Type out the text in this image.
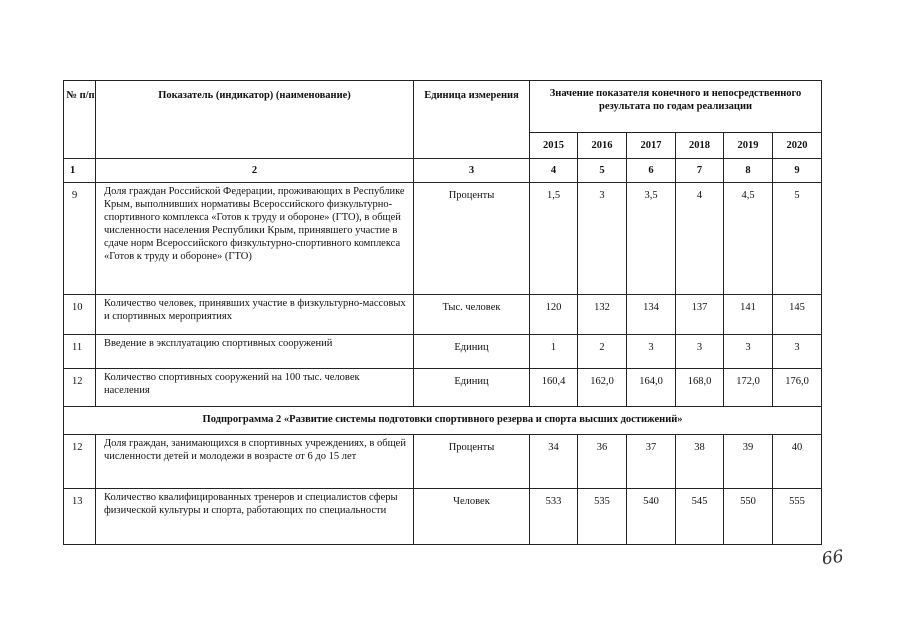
№ п/п	Показатель (индикатор) (наименование)	Единица измерения	Значение показателя конечного и непосредственного результата по годам реализации					
			2015	2016	2017	2018	2019	2020
1	2	3	4	5	6	7	8	9
9	Доля граждан Российской Федерации, проживающих в Республике Крым, выполнивших нормативы Всероссийского физкультурно-спортивного комплекса «Готов к труду и обороне» (ГТО), в общей численности населения Республики Крым, принявшего участие в сдаче норм Всероссийского физкультурно-спортивного комплекса «Готов к труду и обороне» (ГТО)	Проценты	1,5	3	3,5	4	4,5	5
10	Количество человек, принявших участие в физкультурно-массовых и спортивных мероприятиях	Тыс. человек	120	132	134	137	141	145
11	Введение в эксплуатацию спортивных сооружений	Единиц	1	2	3	3	3	3
12	Количество спортивных сооружений на 100 тыс. человек населения	Единиц	160,4	162,0	164,0	168,0	172,0	176,0
Подпрограмма 2 «Развитие системы подготовки спортивного резерва и спорта высших достижений»								
12	Доля граждан, занимающихся в спортивных учреждениях, в общей численности детей и молодежи в возрасте от 6 до 15 лет	Проценты	34	36	37	38	39	40
13	Количество квалифицированных тренеров и специалистов сферы физической культуры и спорта, работающих по специальности	Человек	533	535	540	545	550	555
66
